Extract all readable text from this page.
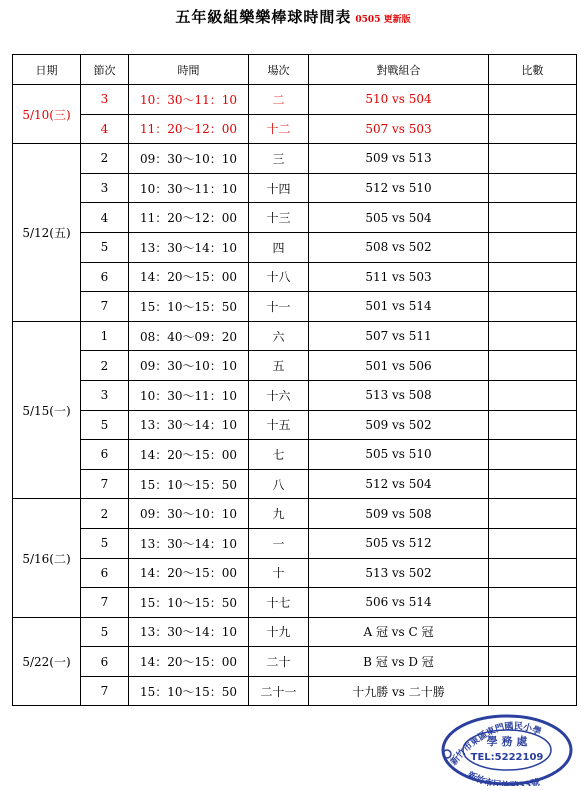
五年級組樂樂棒球時間表 0505 更新版
日期	節次	時間	場次	對戰組合	比數
5/10(三)	3	10：30～11：10	二	510 vs 504	
	4	11：20～12：00	十二	507 vs 503	
5/12(五)	2	09：30～10：10	三	509 vs 513	
	3	10：30～11：10	十四	512 vs 510	
	4	11：20～12：00	十三	505 vs 504	
	5	13：30～14：10	四	508 vs 502	
	6	14：20～15：00	十八	511 vs 503	
	7	15：10～15：50	十一	501 vs 514	
5/15(一)	1	08：40～09：20	六	507 vs 511	
	2	09：30～10：10	五	501 vs 506	
	3	10：30～11：10	十六	513 vs 508	
	5	13：30～14：10	十五	509 vs 502	
	6	14：20～15：00	七	505 vs 510	
	7	15：10～15：50	八	512 vs 504	
5/16(二)	2	09：30～10：10	九	509 vs 508	
	5	13：30～14：10	一	505 vs 512	
	6	14：20～15：00	十	513 vs 502	
	7	15：10～15：50	十七	506 vs 514	
5/22(一)	5	13：30～14：10	十九	A 冠 vs C 冠	
	6	14：20～15：00	二十	B 冠 vs D 冠	
	7	15：10～15：50	二十一	十九勝 vs 二十勝	
新竹市東區東門國民小學
新竹市民 3號
學 務 處
TEL:5222109
